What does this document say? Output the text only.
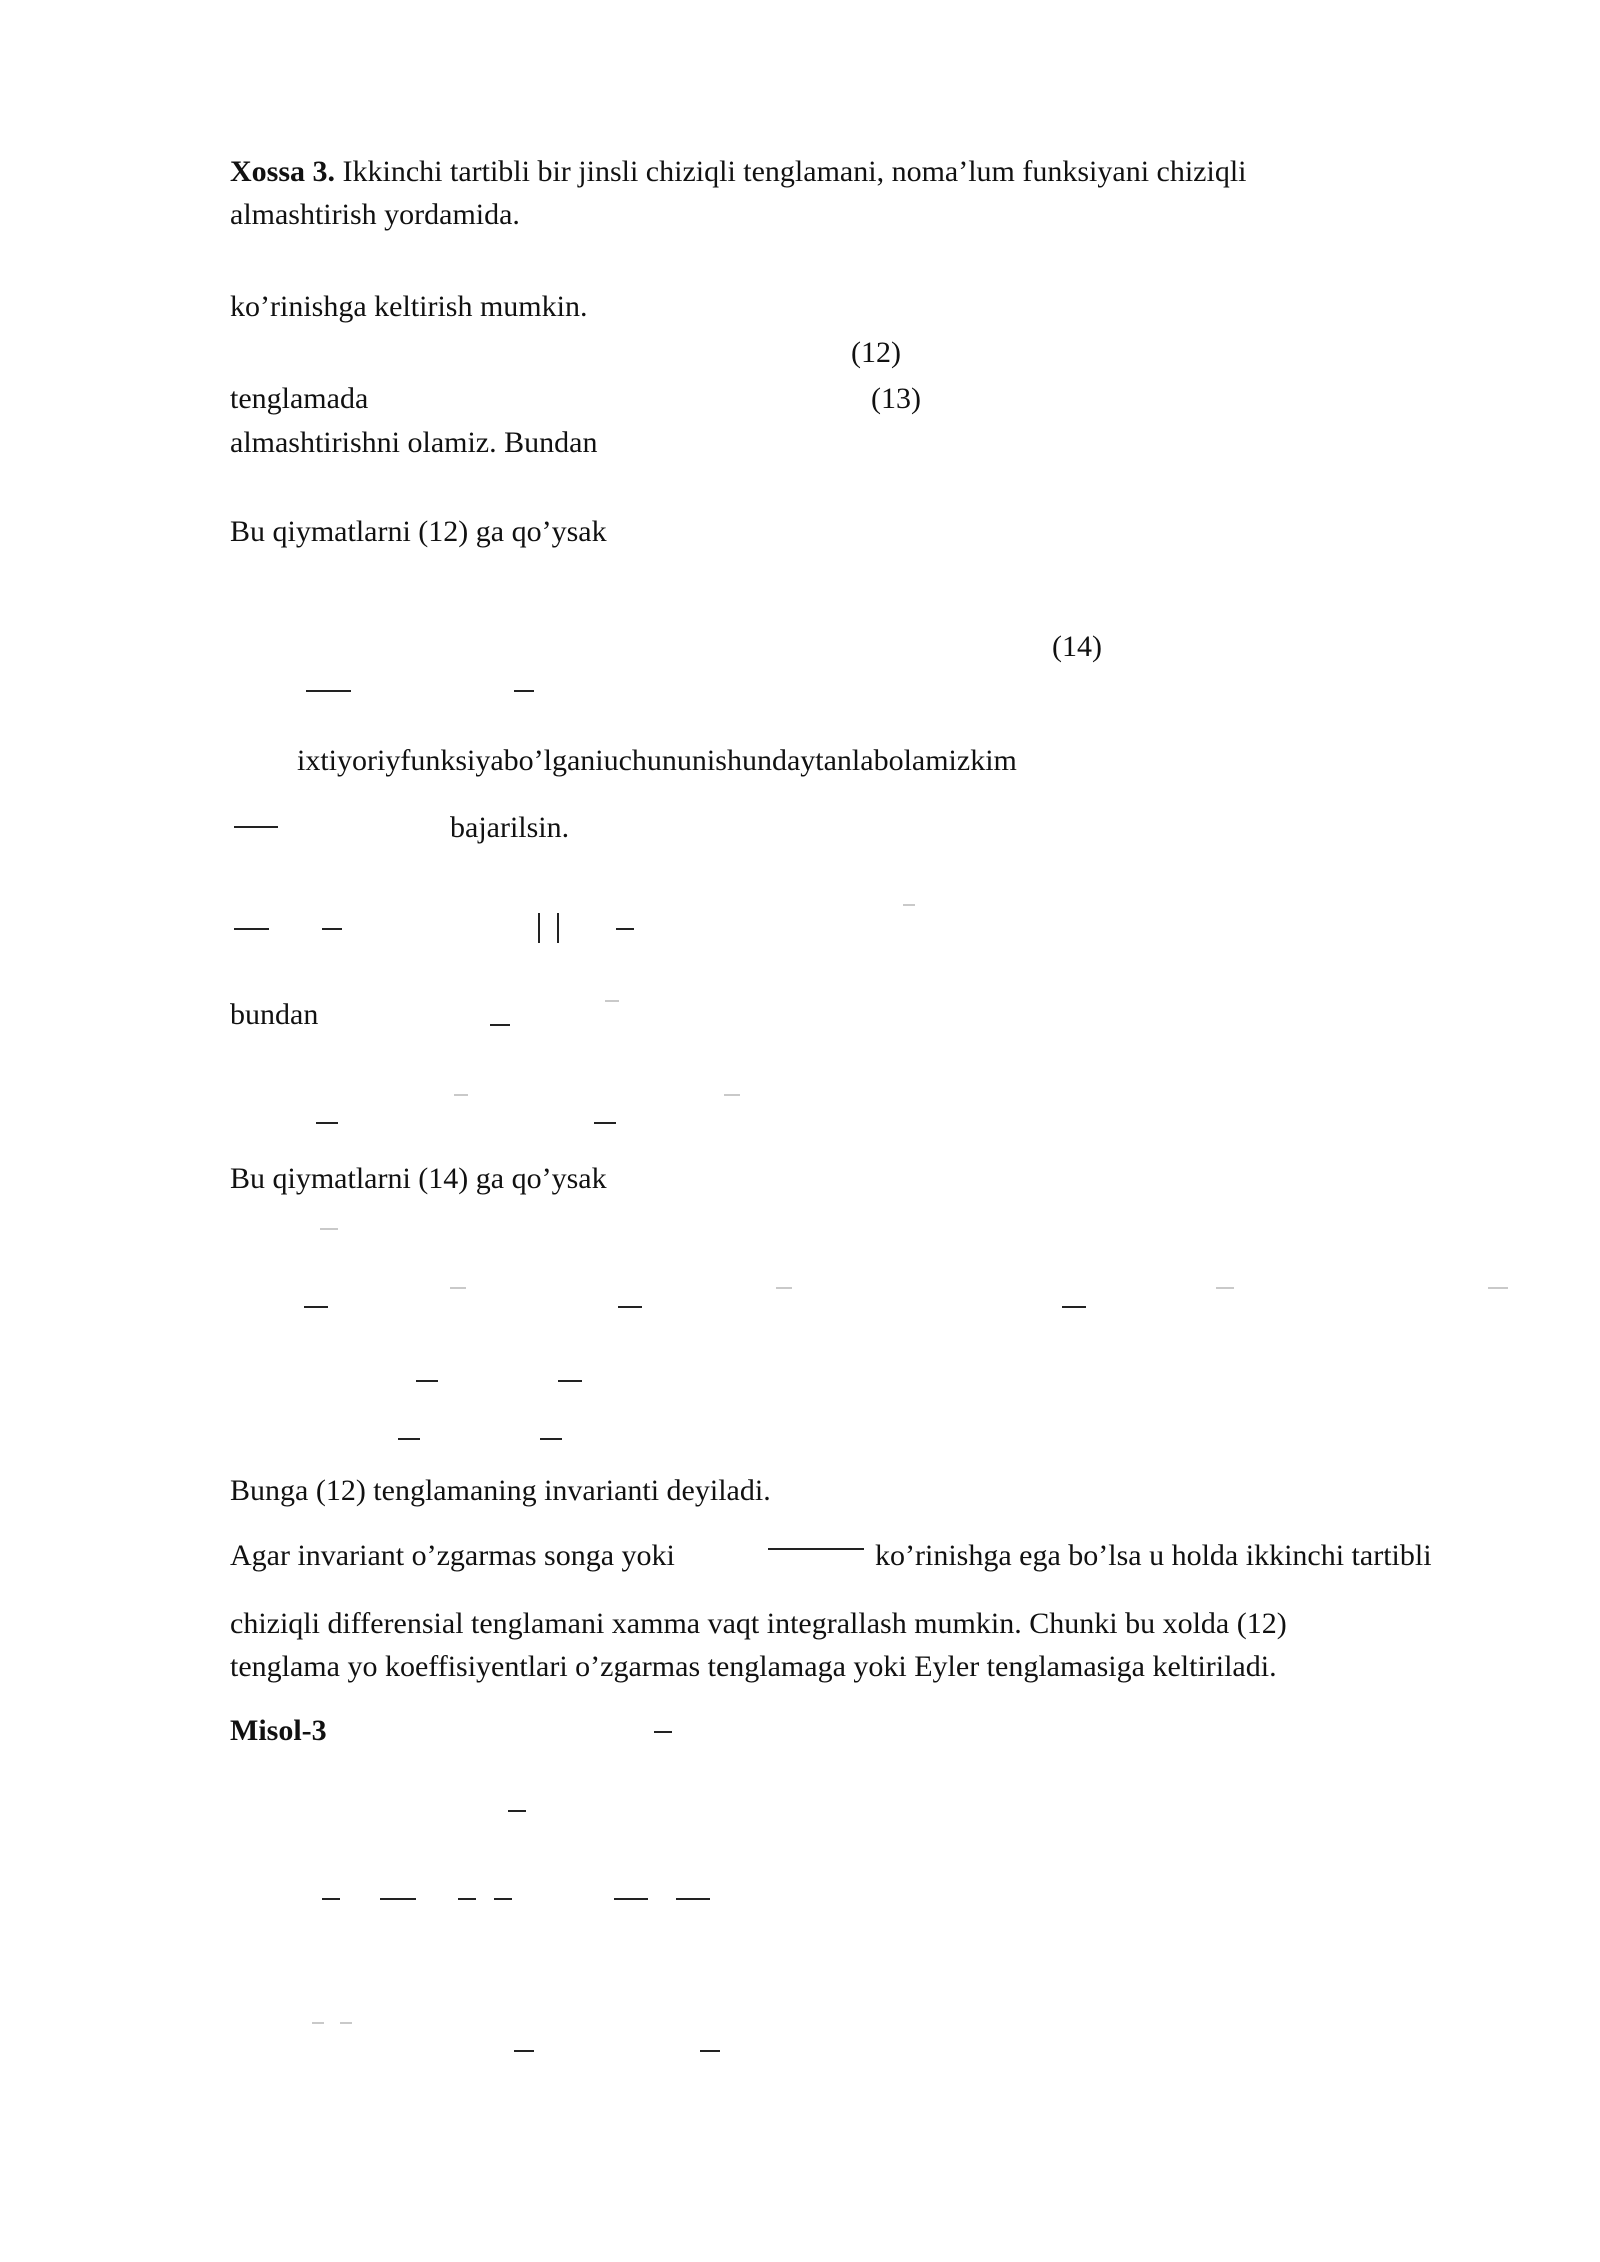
Xossa 3. Ikkinchi tartibli bir jinsli chiziqli tenglamani, noma’lum funksiyani chiziqli
almashtirish yordamida.
ko’rinishga keltirish mumkin.
(12)
tenglamada	(13)
almashtirishni olamiz. Bundan
Bu qiymatlarni (12) ga qo’ysak
(14)
ixtiyoriyfunksiyabo’lganiuchununishundaytanlabolamizkim
bajarilsin.
bundan
Bu qiymatlarni (14) ga qo’ysak
Bunga (12) tenglamaning invarianti deyiladi.
Agar invariant o’zgarmas songa yoki	ko’rinishga ega bo’lsa u holda ikkinchi tartibli
chiziqli differensial tenglamani xamma vaqt integrallash mumkin. Chunki bu xolda (12)
tenglama yo koeffisiyentlari o’zgarmas tenglamaga yoki Eyler tenglamasiga keltiriladi.
Misol-3
